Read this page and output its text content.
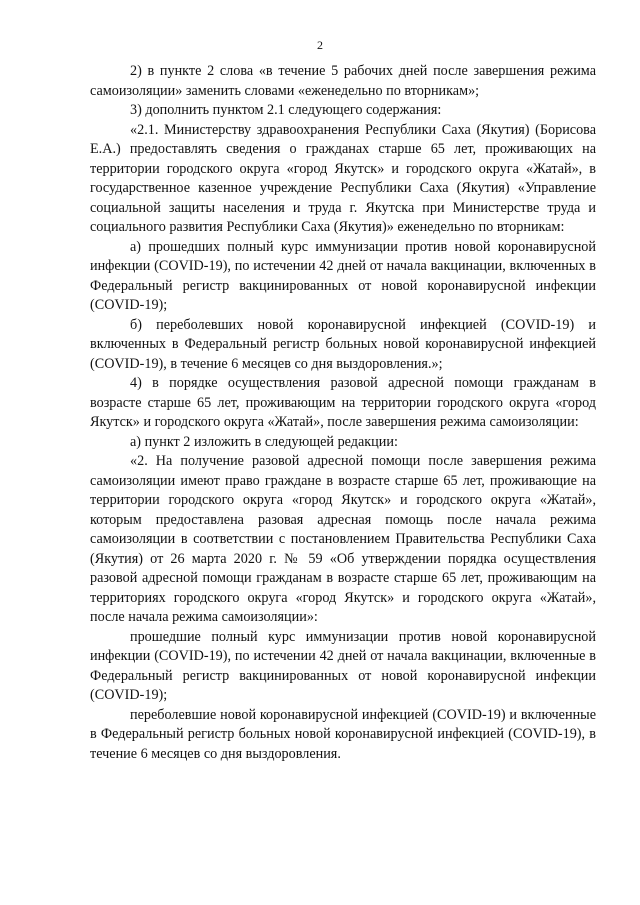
2

2) в пункте 2 слова «в течение 5 рабочих дней после завершения режима самоизоляции» заменить словами «еженедельно по вторникам»;

3) дополнить пунктом 2.1 следующего содержания:

«2.1. Министерству здравоохранения Республики Саха (Якутия) (Борисова Е.А.) предоставлять сведения о гражданах старше 65 лет, проживающих на территории городского округа «город Якутск» и городского округа «Жатай», в государственное казенное учреждение Республики Саха (Якутия) «Управление социальной защиты населения и труда г. Якутска при Министерстве труда и социального развития Республики Саха (Якутия)» еженедельно по вторникам:

а) прошедших полный курс иммунизации против новой коронавирусной инфекции (COVID-19), по истечении 42 дней от начала вакцинации, включенных в Федеральный регистр вакцинированных от новой коронавирусной инфекции (COVID-19);

б) переболевших новой коронавирусной инфекцией (COVID-19) и включенных в Федеральный регистр больных новой коронавирусной инфекцией (COVID-19), в течение 6 месяцев со дня выздоровления.»;

4) в порядке осуществления разовой адресной помощи гражданам в возрасте старше 65 лет, проживающим на территории городского округа «город Якутск» и городского округа «Жатай», после завершения режима самоизоляции:

а) пункт 2 изложить в следующей редакции:

«2. На получение разовой адресной помощи после завершения режима самоизоляции имеют право граждане в возрасте старше 65 лет, проживающие на территории городского округа «город Якутск» и городского округа «Жатай», которым предоставлена разовая адресная помощь после начала режима самоизоляции в соответствии с постановлением Правительства Республики Саха (Якутия) от 26 марта 2020 г. № 59 «Об утверждении порядка осуществления разовой адресной помощи гражданам в возрасте старше 65 лет, проживающим на территориях городского округа «город Якутск» и городского округа «Жатай», после начала режима самоизоляции»:

прошедшие полный курс иммунизации против новой коронавирусной инфекции (COVID-19), по истечении 42 дней от начала вакцинации, включенные в Федеральный регистр вакцинированных от новой коронавирусной инфекции (COVID-19);

переболевшие новой коронавирусной инфекцией (COVID-19) и включенные в Федеральный регистр больных новой коронавирусной инфекцией (COVID-19), в течение 6 месяцев со дня выздоровления.
